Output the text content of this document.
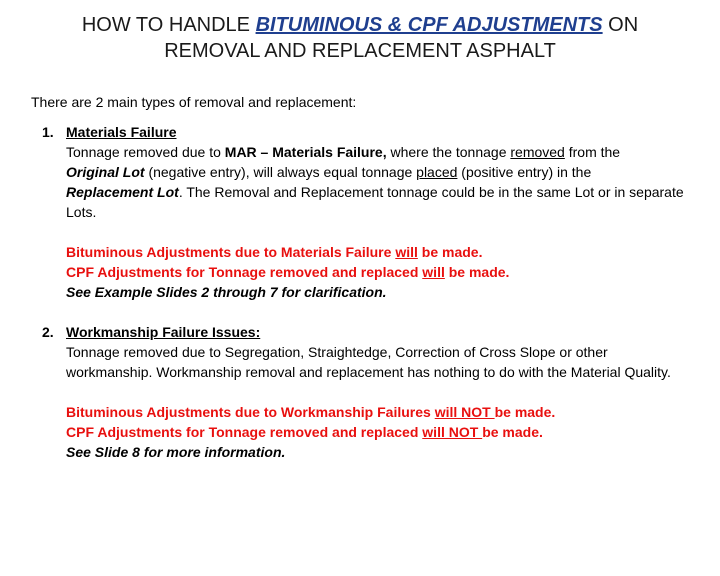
HOW TO HANDLE BITUMINOUS & CPF ADJUSTMENTS ON
REMOVAL AND REPLACEMENT ASPHALT
There are 2 main types of removal and replacement:
1. Materials Failure
Tonnage removed due to MAR – Materials Failure, where the tonnage removed from the
Original Lot (negative entry), will always equal tonnage placed (positive entry) in the
Replacement Lot. The Removal and Replacement tonnage could be in the same Lot or in separate Lots.
Bituminous Adjustments due to Materials Failure will be made.
CPF Adjustments for Tonnage removed and replaced will be made.
See Example Slides 2 through 7 for clarification.
2. Workmanship Failure Issues:
Tonnage removed due to Segregation, Straightedge, Correction of Cross Slope or other workmanship. Workmanship removal and replacement has nothing to do with the Material Quality.
Bituminous Adjustments due to Workmanship Failures will NOT be made.
CPF Adjustments for Tonnage removed and replaced will NOT be made.
See Slide 8 for more information.
